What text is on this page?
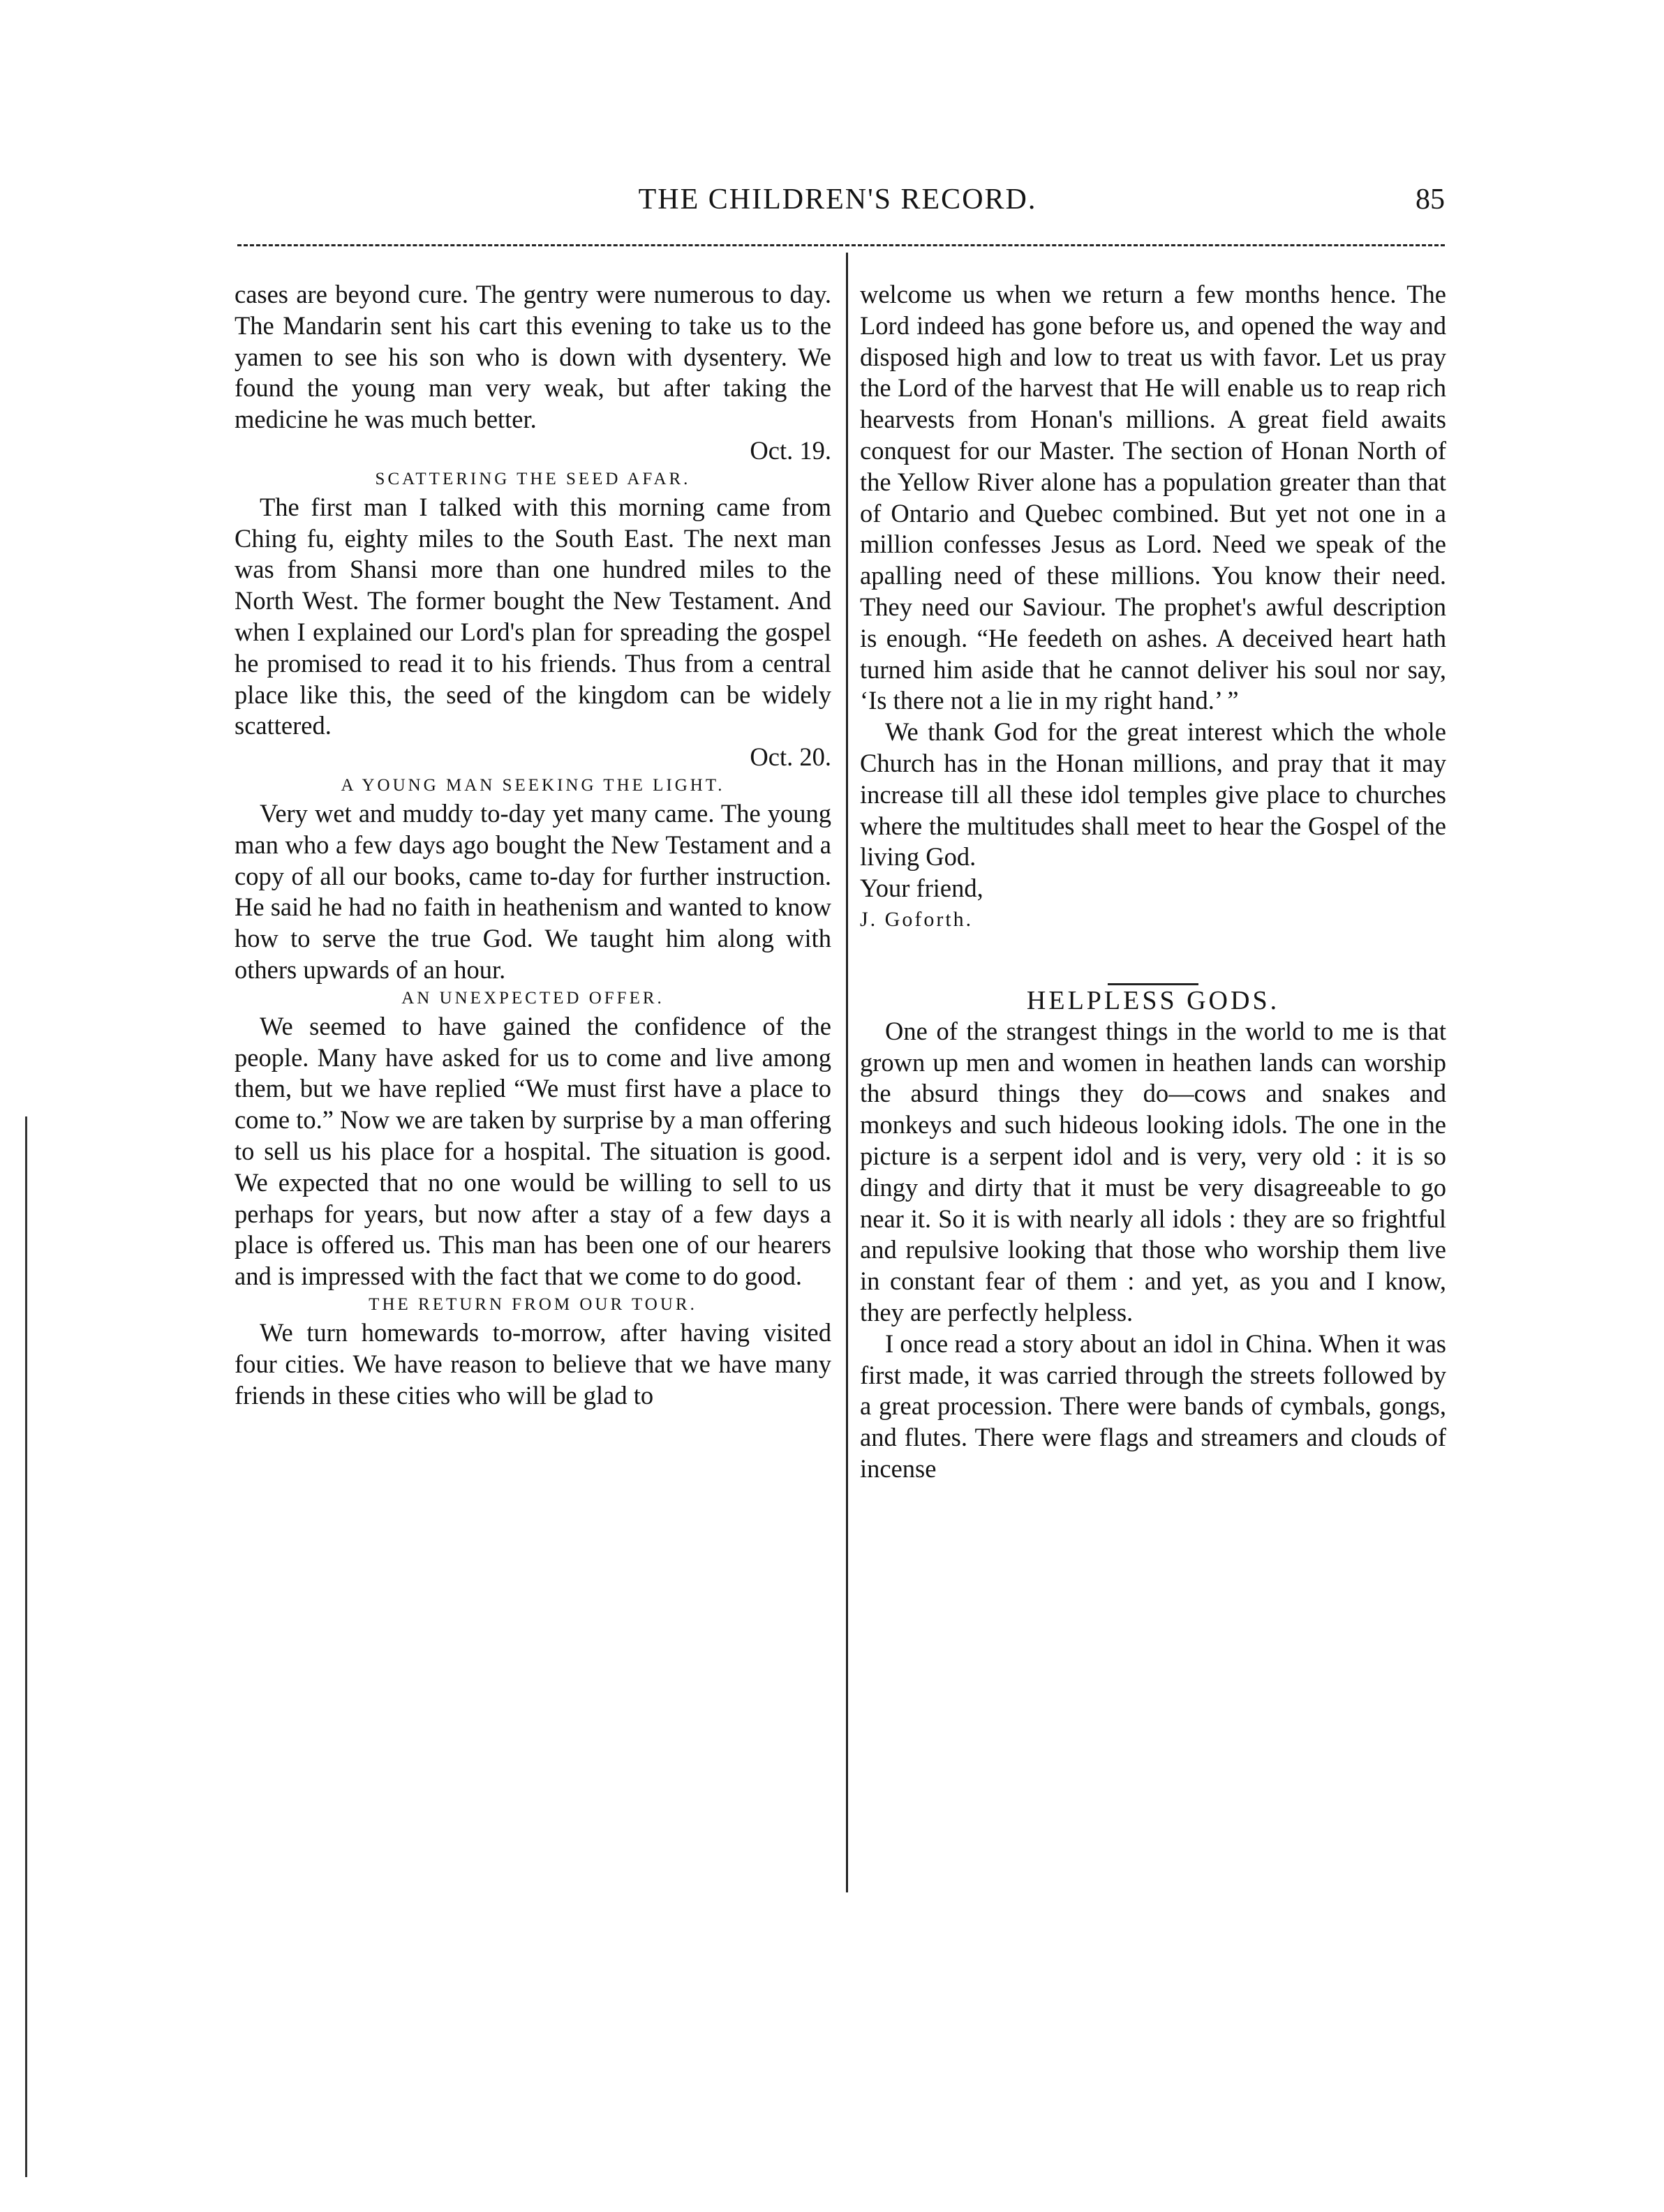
THE CHILDREN'S RECORD.	85

cases are beyond cure. The gentry were numerous to day. The Mandarin sent his cart this evening to take us to the yamen to see his son who is down with dysentery. We found the young man very weak, but after taking the medicine he was much better.

Oct. 19.

SCATTERING THE SEED AFAR.

The first man I talked with this morning came from Ching fu, eighty miles to the South East. The next man was from Shansi more than one hundred miles to the North West. The former bought the New Testament. And when I explained our Lord's plan for spreading the gospel he promised to read it to his friends. Thus from a central place like this, the seed of the kingdom can be widely scattered.

Oct. 20.

A YOUNG MAN SEEKING THE LIGHT.

Very wet and muddy to-day yet many came. The young man who a few days ago bought the New Testament and a copy of all our books, came to-day for further instruction. He said he had no faith in heathenism and wanted to know how to serve the true God. We taught him along with others upwards of an hour.

AN UNEXPECTED OFFER.

We seemed to have gained the confidence of the people. Many have asked for us to come and live among them, but we have replied “We must first have a place to come to.” Now we are taken by surprise by a man offering to sell us his place for a hospital. The situation is good. We expected that no one would be willing to sell to us perhaps for years, but now after a stay of a few days a place is offered us. This man has been one of our hearers and is impressed with the fact that we come to do good.

THE RETURN FROM OUR TOUR.

We turn homewards to-morrow, after having visited four cities. We have reason to believe that we have many friends in these cities who will be glad to

welcome us when we return a few months hence. The Lord indeed has gone before us, and opened the way and disposed high and low to treat us with favor. Let us pray the Lord of the harvest that He will enable us to reap rich hearvests from Honan's millions. A great field awaits conquest for our Master. The section of Honan North of the Yellow River alone has a population greater than that of Ontario and Quebec combined. But yet not one in a million confesses Jesus as Lord. Need we speak of the apalling need of these millions. You know their need. They need our Saviour. The prophet's awful description is enough. “He feedeth on ashes. A deceived heart hath turned him aside that he cannot deliver his soul nor say, ‘Is there not a lie in my right hand.’ ”

We thank God for the great interest which the whole Church has in the Honan millions, and pray that it may increase till all these idol temples give place to churches where the multitudes shall meet to hear the Gospel of the living God.

Your friend,

J. Goforth.

HELPLESS GODS.

One of the strangest things in the world to me is that grown up men and women in heathen lands can worship the absurd things they do—cows and snakes and monkeys and such hideous looking idols. The one in the picture is a serpent idol and is very, very old : it is so dingy and dirty that it must be very disagreeable to go near it. So it is with nearly all idols : they are so frightful and repulsive looking that those who worship them live in constant fear of them : and yet, as you and I know, they are perfectly helpless.

I once read a story about an idol in China. When it was first made, it was carried through the streets followed by a great procession. There were bands of cymbals, gongs, and flutes. There were flags and streamers and clouds of incense
